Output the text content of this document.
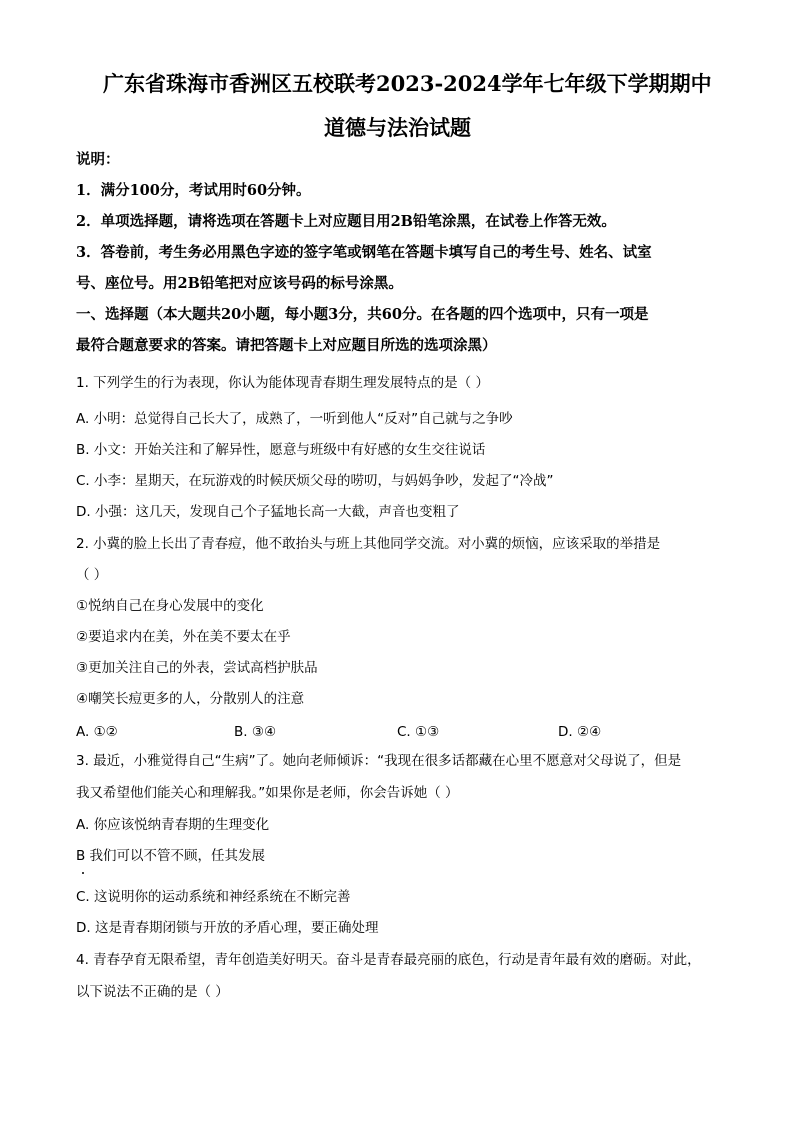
广东省珠海市香洲区五校联考2023-2024学年七年级下学期期中
道德与法治试题
说明：
1．满分100分，考试用时60分钟。
2．单项选择题，请将选项在答题卡上对应题目用2B铅笔涂黑，在试卷上作答无效。
3．答卷前，考生务必用黑色字迹的签字笔或钢笔在答题卡填写自己的考生号、姓名、试室
号、座位号。用2B铅笔把对应该号码的标号涂黑。
一、选择题（本大题共20小题，每小题3分，共60分。在各题的四个选项中，只有一项是
最符合题意要求的答案。请把答题卡上对应题目所选的选项涂黑）
1. 下列学生的行为表现，你认为能体现青春期生理发展特点的是（ ）
A. 小明：总觉得自己长大了，成熟了，一听到他人“反对”自己就与之争吵
B. 小文：开始关注和了解异性，愿意与班级中有好感的女生交往说话
C. 小李：星期天，在玩游戏的时候厌烦父母的唠叨，与妈妈争吵，发起了“冷战”
D. 小强：这几天，发现自己个子猛地长高一大截，声音也变粗了
2. 小冀的脸上长出了青春痘，他不敢抬头与班上其他同学交流。对小冀的烦恼，应该采取的举措是
（ ）
①悦纳自己在身心发展中的变化
②要追求内在美，外在美不要太在乎
③更加关注自己的外表，尝试高档护肤品
④嘲笑长痘更多的人，分散别人的注意
A. ①②	B. ③④	C. ①③	D. ②④
3. 最近，小雅觉得自己“生病”了。她向老师倾诉：“我现在很多话都藏在心里不愿意对父母说了，但是
我又希望他们能关心和理解我。”如果你是老师，你会告诉她（ ）
A. 你应该悦纳青春期的生理变化
B 我们可以不管不顾，任其发展
C. 这说明你的运动系统和神经系统在不断完善
D. 这是青春期闭锁与开放的矛盾心理，要正确处理
4. 青春孕育无限希望，青年创造美好明天。奋斗是青春最亮丽的底色，行动是青年最有效的磨砺。对此，
以下说法不正确的是（ ）
